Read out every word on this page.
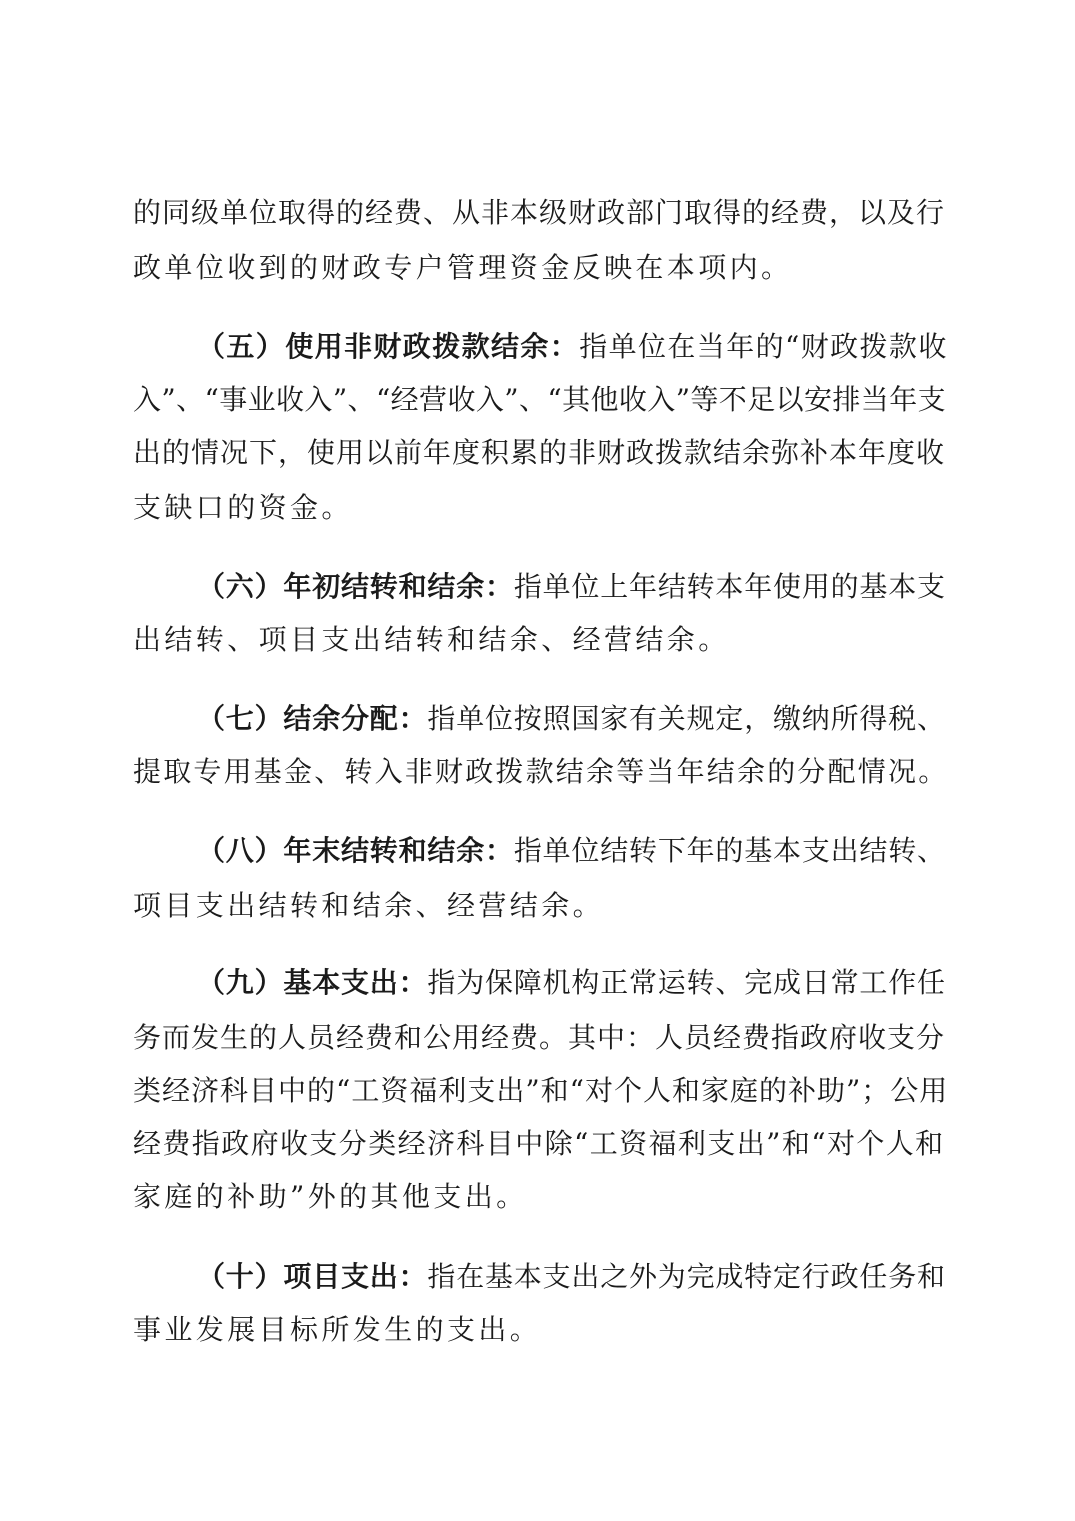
的同级单位取得的经费、从非本级财政部门取得的经费，以及行
政单位收到的财政专户管理资金反映在本项内。
（五）使用非财政拨款结余：指单位在当年的“财政拨款收
入”、“事业收入”、“经营收入”、“其他收入”等不足以安排当年支
出的情况下，使用以前年度积累的非财政拨款结余弥补本年度收
支缺口的资金。
（六）年初结转和结余：指单位上年结转本年使用的基本支
出结转、项目支出结转和结余、经营结余。
（七）结余分配：指单位按照国家有关规定，缴纳所得税、
提取专用基金、转入非财政拨款结余等当年结余的分配情况。
（八）年末结转和结余：指单位结转下年的基本支出结转、
项目支出结转和结余、经营结余。
（九）基本支出：指为保障机构正常运转、完成日常工作任
务而发生的人员经费和公用经费。其中：人员经费指政府收支分
类经济科目中的“工资福利支出”和“对个人和家庭的补助”；公用
经费指政府收支分类经济科目中除“工资福利支出”和“对个人和
家庭的补助”外的其他支出。
（十）项目支出：指在基本支出之外为完成特定行政任务和
事业发展目标所发生的支出。
